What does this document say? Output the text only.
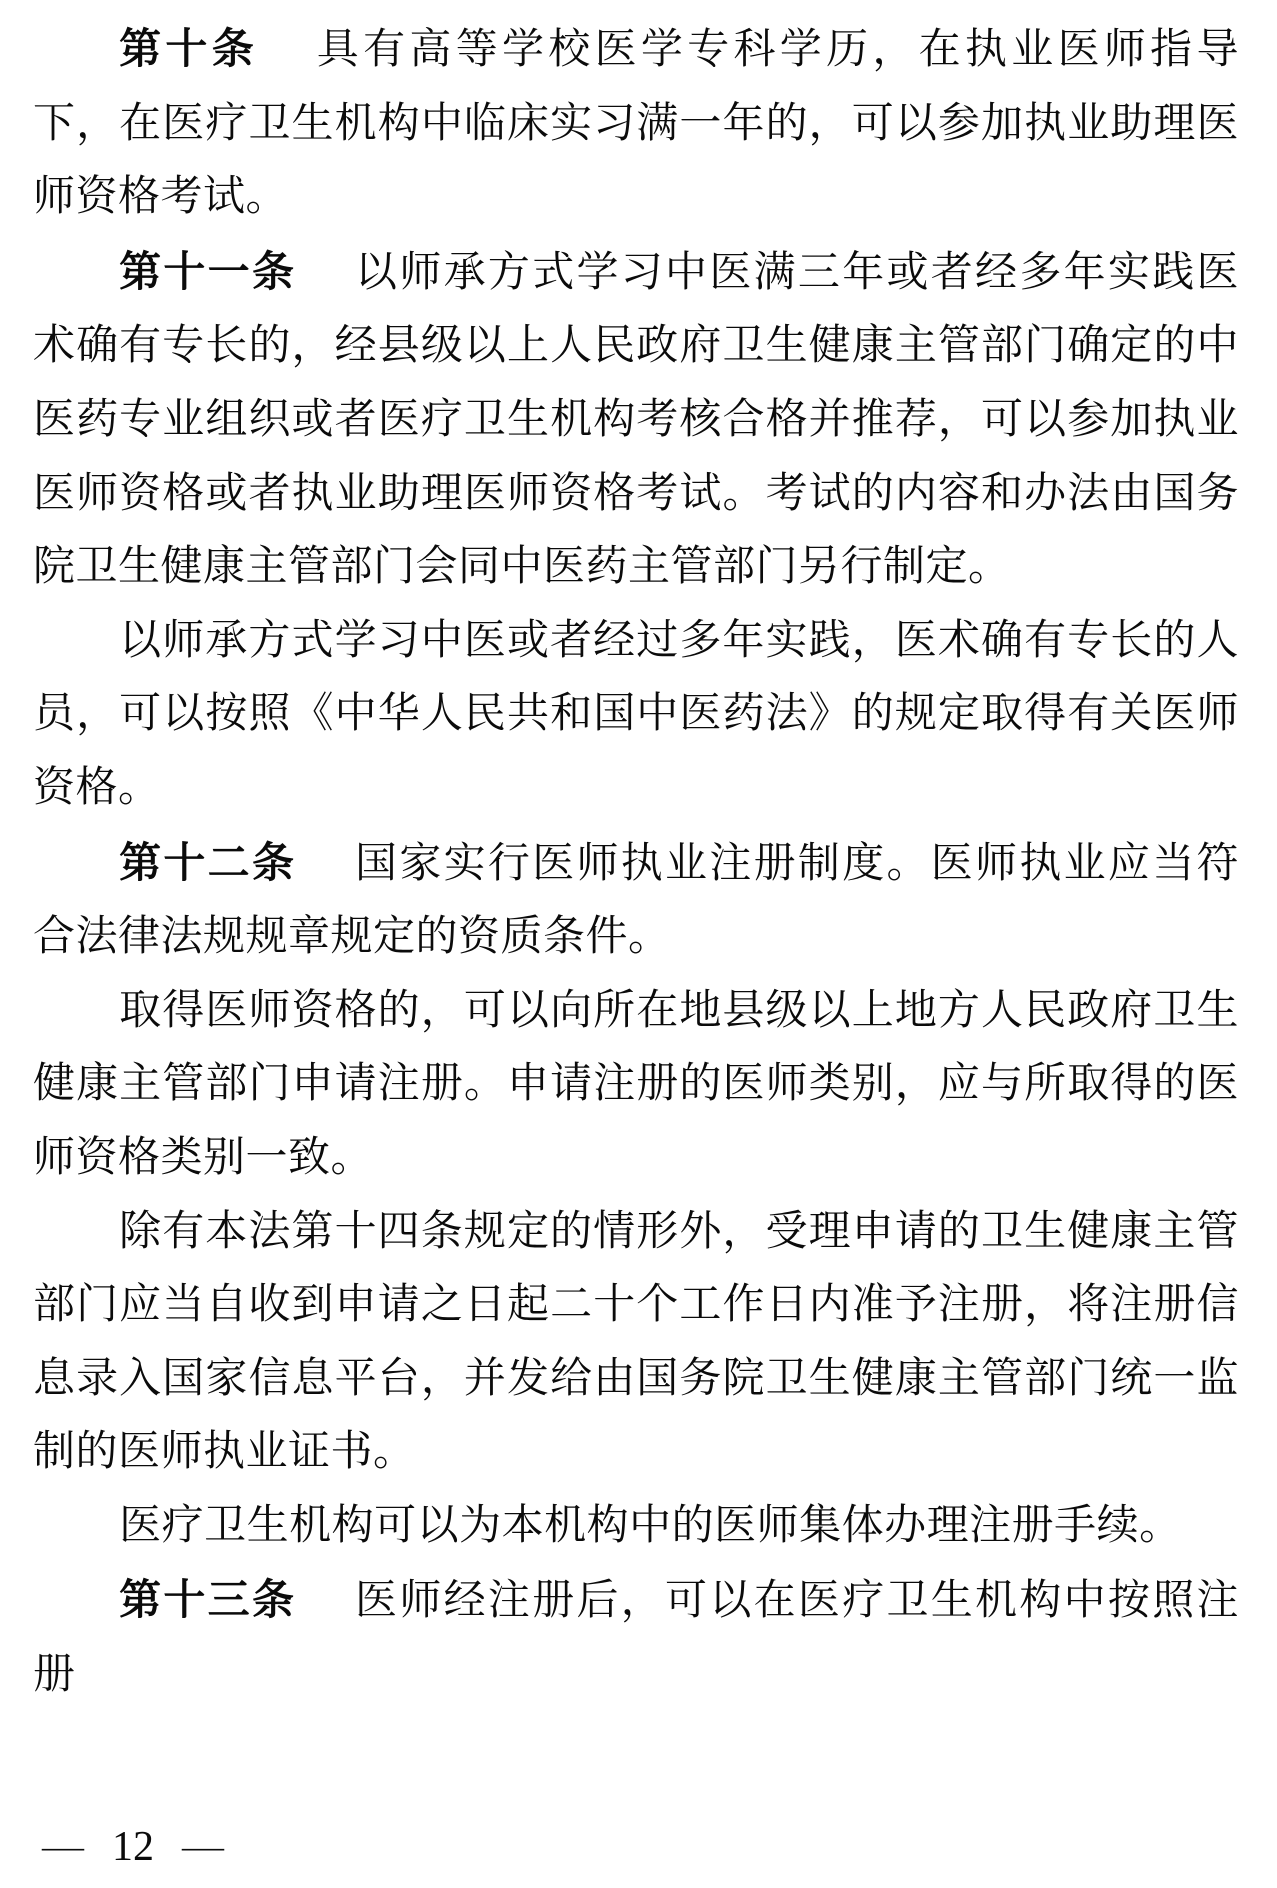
第十条 具有高等学校医学专科学历，在执业医师指导下，在医疗卫生机构中临床实习满一年的，可以参加执业助理医师资格考试。

第十一条 以师承方式学习中医满三年或者经多年实践医术确有专长的，经县级以上人民政府卫生健康主管部门确定的中医药专业组织或者医疗卫生机构考核合格并推荐，可以参加执业医师资格或者执业助理医师资格考试。考试的内容和办法由国务院卫生健康主管部门会同中医药主管部门另行制定。

以师承方式学习中医或者经过多年实践，医术确有专长的人员，可以按照《中华人民共和国中医药法》的规定取得有关医师资格。

第十二条 国家实行医师执业注册制度。医师执业应当符合法律法规规章规定的资质条件。

取得医师资格的，可以向所在地县级以上地方人民政府卫生健康主管部门申请注册。申请注册的医师类别，应与所取得的医师资格类别一致。

除有本法第十四条规定的情形外，受理申请的卫生健康主管部门应当自收到申请之日起二十个工作日内准予注册，将注册信息录入国家信息平台，并发给由国务院卫生健康主管部门统一监制的医师执业证书。

医疗卫生机构可以为本机构中的医师集体办理注册手续。

第十三条 医师经注册后，可以在医疗卫生机构中按照注册

— 12 —
